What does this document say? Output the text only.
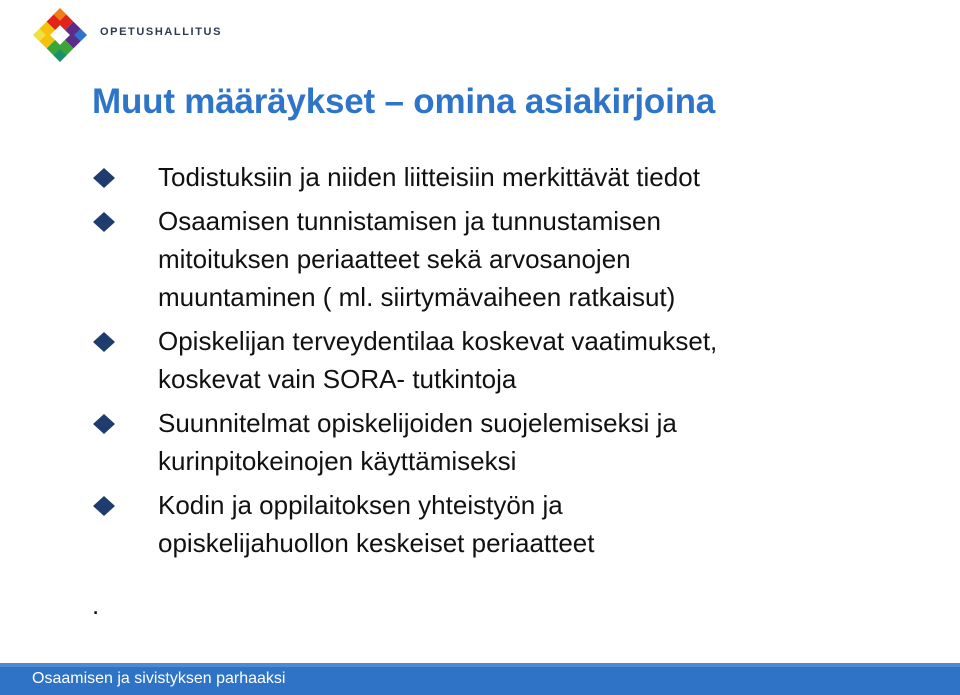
OPETUSHALLITUS
Muut määräykset – omina asiakirjoina
Todistuksiin ja niiden liitteisiin merkittävät tiedot
Osaamisen tunnistamisen ja tunnustamisen
mitoituksen periaatteet sekä arvosanojen
muuntaminen ( ml. siirtymävaiheen ratkaisut)
Opiskelijan terveydentilaa koskevat vaatimukset,
koskevat vain SORA- tutkintoja
Suunnitelmat opiskelijoiden suojelemiseksi ja
kurinpitokeinojen käyttämiseksi
Kodin ja oppilaitoksen yhteistyön ja
opiskelijahuollon keskeiset periaatteet
.
Osaamisen ja sivistyksen parhaaksi
